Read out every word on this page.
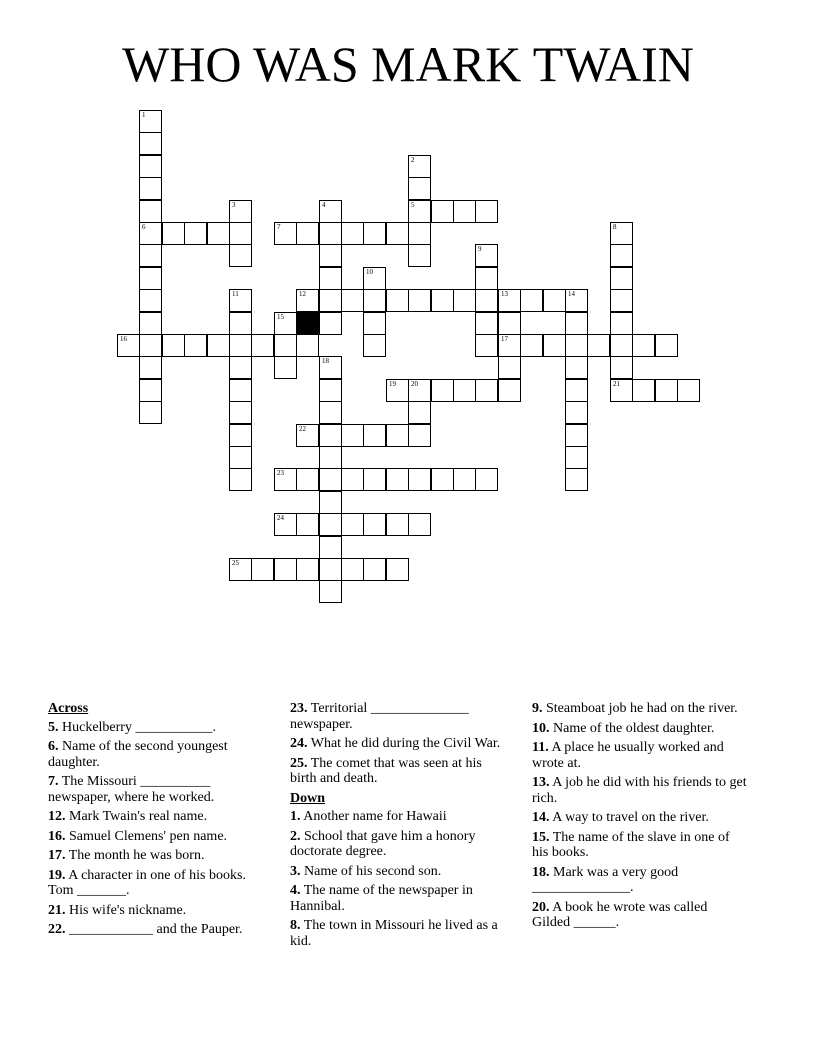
WHO WAS MARK TWAIN
1
6
2
5
3	4
7	8
9
10
11	12	13	14
15
17
16
18
19 20	21
22
23
24
25
Across
5. Huckelberry ___________.
6. Name of the second youngest daughter.
7. The Missouri __________ newspaper, where he worked.
12. Mark Twain's real name.
16. Samuel Clemens' pen name.
17. The month he was born.
19. A character in one of his books. Tom _______.
21. His wife's nickname.
22. ____________ and the Pauper.
23. Territorial ______________ newspaper.
24. What he did during the Civil War.
25. The comet that was seen at his birth and death.
Down
1. Another name for Hawaii
2. School that gave him a honory doctorate degree.
3. Name of his second son.
4. The name of the newspaper in Hannibal.
8. The town in Missouri he lived as a kid.
9. Steamboat job he had on the river.
10. Name of the oldest daughter.
11. A place he usually worked and wrote at.
13. A job he did with his friends to get rich.
14. A way to travel on the river.
15. The name of the slave in one of his books.
18. Mark was a very good ______________.
20. A book he wrote was called Gilded ______.
